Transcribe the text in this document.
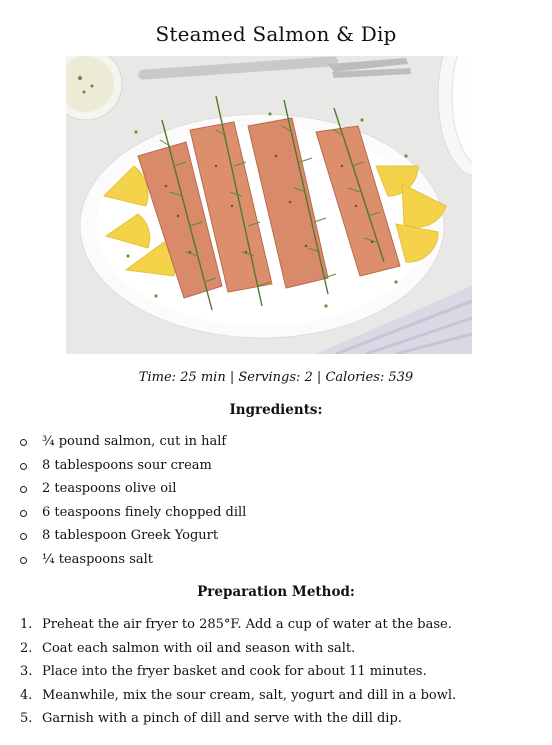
Steamed Salmon & Dip
Time: 25 min | Servings: 2 | Calories: 539
Ingredients:
¾ pound salmon, cut in half
8 tablespoons sour cream
2 teaspoons olive oil
6 teaspoons finely chopped dill
8 tablespoon Greek Yogurt
¼ teaspoons salt
Preparation Method:
1. Preheat the air fryer to 285°F. Add a cup of water at the base.
2. Coat each salmon with oil and season with salt.
3. Place into the fryer basket and cook for about 11 minutes.
4. Meanwhile, mix the sour cream, salt, yogurt and dill in a bowl.
5. Garnish with a pinch of dill and serve with the dill dip.
